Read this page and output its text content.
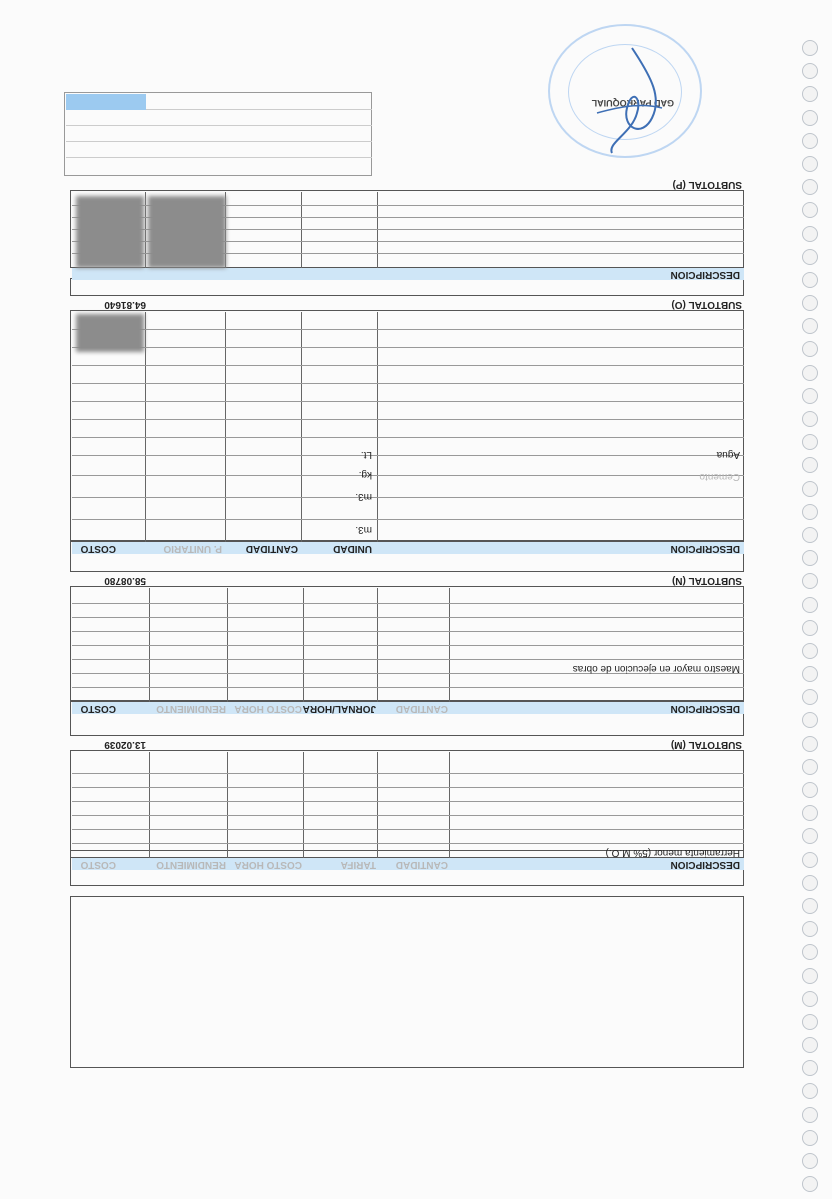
DESCRIPCION
CANTIDAD
TARIFA
COSTO HORA
RENDIMIENTO
COSTO
Herramienta menor (5% M.O.)
SUBTOTAL (M)
13.02039
DESCRIPCION
CANTIDAD
JORNAL/HORA
COSTO HORA
RENDIMIENTO
COSTO
Maestro mayor en ejecucion de obras
SUBTOTAL (N)
58.08780
DESCRIPCION
UNIDAD
CANTIDAD
P. UNITARIO
COSTO
m3.
m3.
Cemento
kg.
Agua
Lt.
SUBTOTAL (O)
64.81640
DESCRIPCION
SUBTOTAL (P)
GAD PARROQUIAL
